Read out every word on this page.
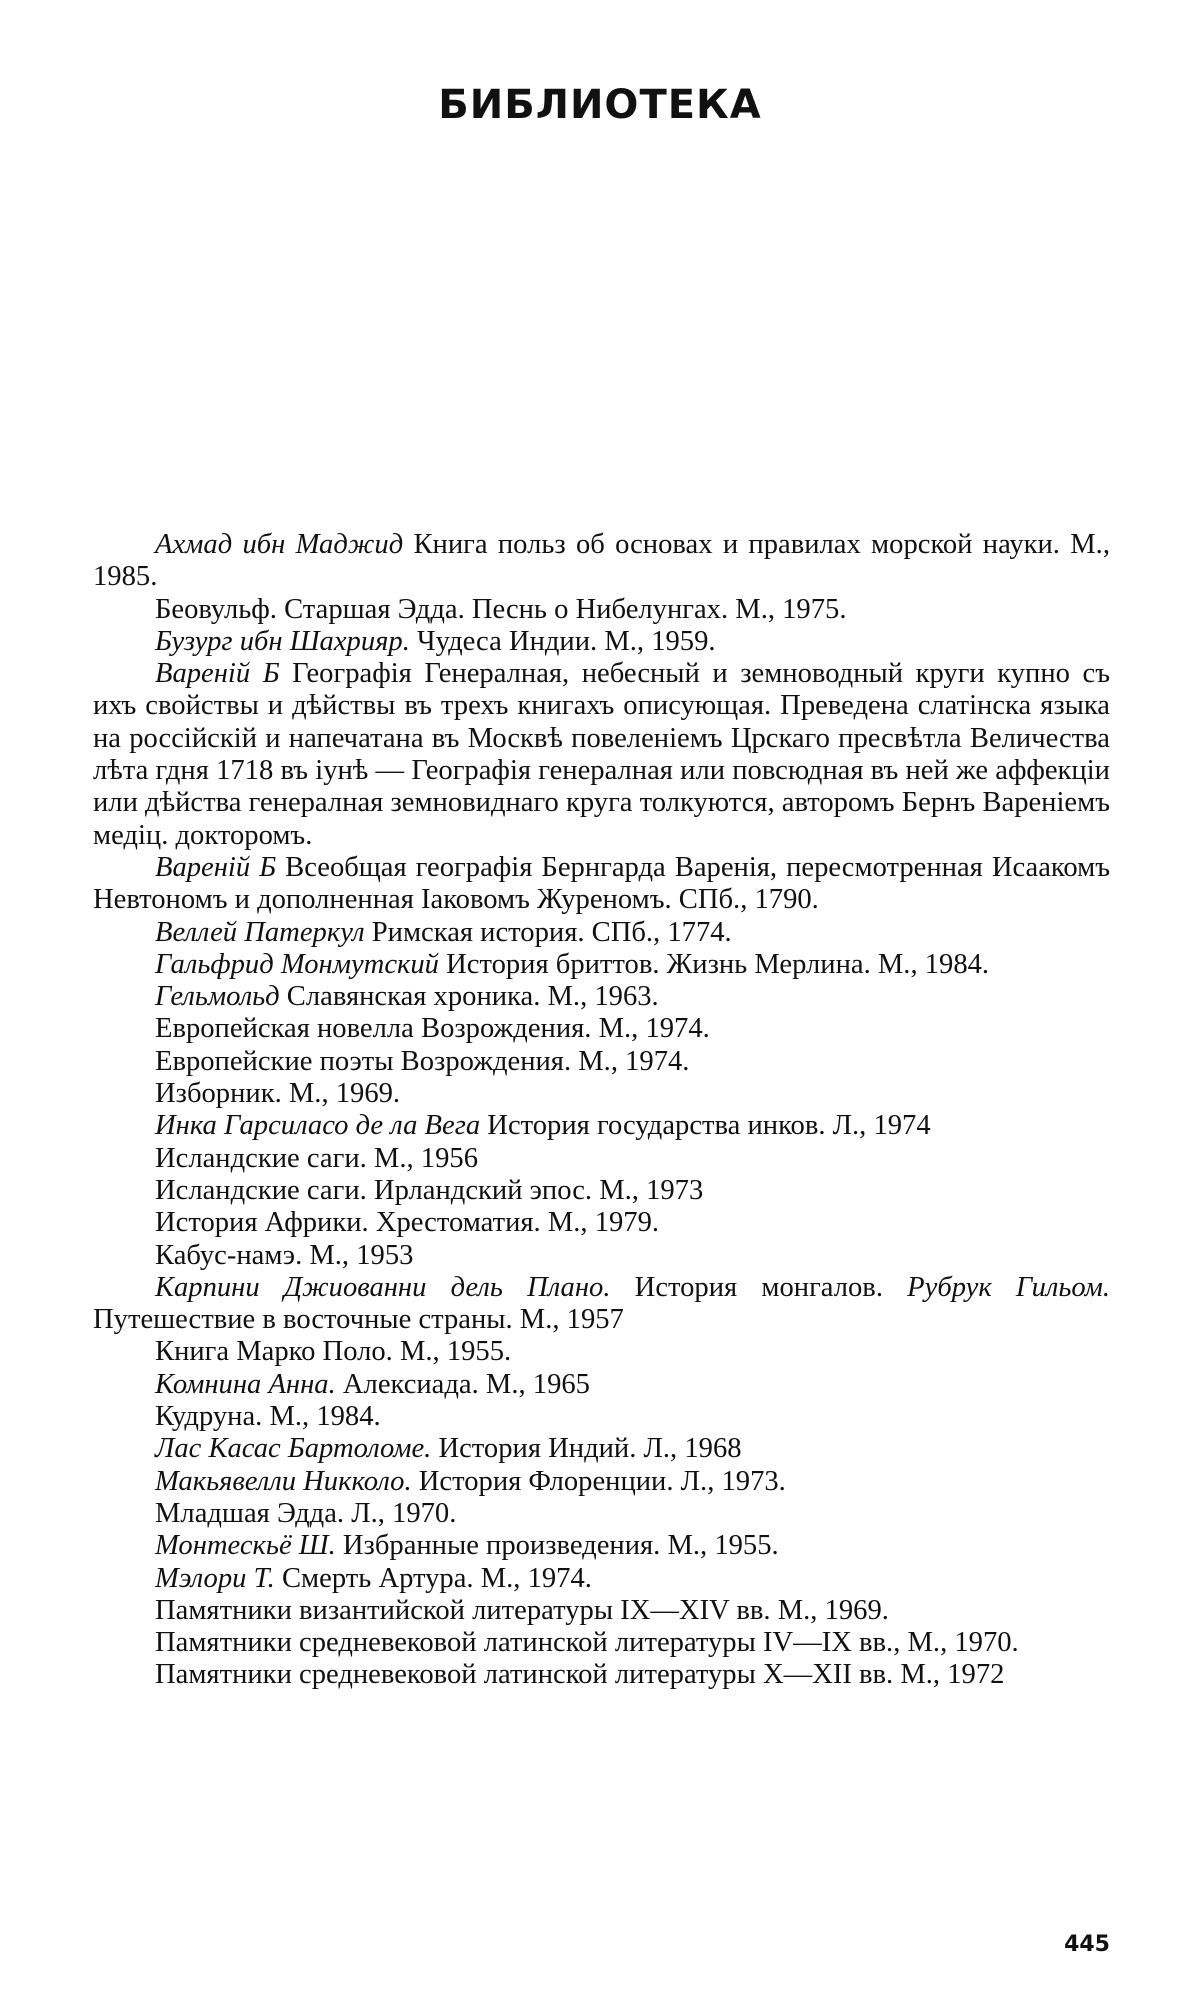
БИБЛИОТЕКА

Ахмад ибн Маджид Книга польз об основах и правилах морской науки. М., 1985.

Беовульф. Старшая Эдда. Песнь о Нибелунгах. М., 1975.

Бузург ибн Шахрияр. Чудеса Индии. М., 1959.

Вареній Б Географія Генералная, небесный и земноводный круги купно съ ихъ свойствы и дѣйствы въ трехъ книгахъ описующая. Преведена слатінска языка на россійскій и напечатана въ Москвѣ повеленіемъ Црскаго пресвѣтла Величества лѣта гдня 1718 въ іунѣ — Географія генералная или повсюдная въ ней же аффекціи или дѣйства генералная земновиднаго круга толкуются, авторомъ Бернъ Вареніемъ медіц. докторомъ.

Вареній Б Всеобщая географія Бернгарда Варенія, пересмотренная Исаакомъ Невтономъ и дополненная Іаковомъ Журеномъ. СПб., 1790.

Веллей Патеркул Римская история. СПб., 1774.

Гальфрид Монмутский История бриттов. Жизнь Мерлина. М., 1984.

Гельмольд Славянская хроника. М., 1963.

Европейская новелла Возрождения. М., 1974.

Европейские поэты Возрождения. М., 1974.

Изборник. М., 1969.

Инка Гарсиласо де ла Вега История государства инков. Л., 1974

Исландские саги. М., 1956

Исландские саги. Ирландский эпос. М., 1973

История Африки. Хрестоматия. М., 1979.

Кабус-намэ. М., 1953

Карпини Джиованни дель Плано. История монгалов. Рубрук Гильом. Путешествие в восточные страны. М., 1957

Книга Марко Поло. М., 1955.

Комнина Анна. Алексиада. М., 1965

Кудруна. М., 1984.

Лас Касас Бартоломе. История Индий. Л., 1968

Макьявелли Никколо. История Флоренции. Л., 1973.

Младшая Эдда. Л., 1970.

Монтескьё Ш. Избранные произведения. М., 1955.

Мэлори Т. Смерть Артура. М., 1974.

Памятники византийской литературы IX—XIV вв. М., 1969.

Памятники средневековой латинской литературы IV—IX вв., М., 1970.

Памятники средневековой латинской литературы X—XII вв. М., 1972

445
